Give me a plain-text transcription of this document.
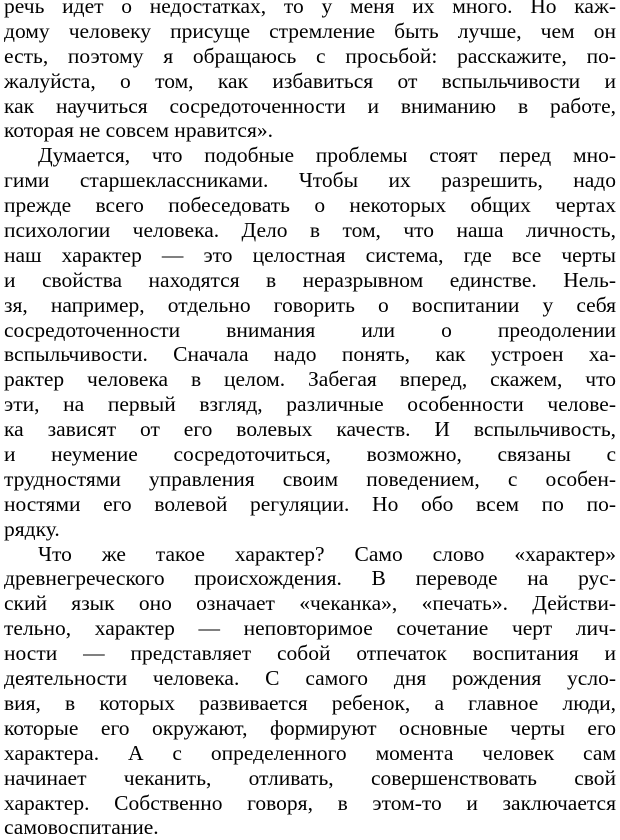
речь идет о недостатках, то у меня их много. Но каж-
дому человеку присуще стремление быть лучше, чем он
есть, поэтому я обращаюсь с просьбой: расскажите, по-
жалуйста, о том, как избавиться от вспыльчивости и
как научиться сосредоточенности и вниманию в работе,
которая не совсем нравится».
Думается, что подобные проблемы стоят перед мно-
гими старшеклассниками. Чтобы их разрешить, надо
прежде всего побеседовать о некоторых общих чертах
психологии человека. Дело в том, что наша личность,
наш характер — это целостная система, где все черты
и свойства находятся в неразрывном единстве. Нель-
зя, например, отдельно говорить о воспитании у себя
сосредоточенности внимания или о преодолении
вспыльчивости. Сначала надо понять, как устроен ха-
рактер человека в целом. Забегая вперед, скажем, что
эти, на первый взгляд, различные особенности челове-
ка зависят от его волевых качеств. И вспыльчивость,
и неумение сосредоточиться, возможно, связаны с
трудностями управления своим поведением, с особен-
ностями его волевой регуляции. Но обо всем по по-
рядку.
Что же такое характер? Само слово «характер»
древнегреческого происхождения. В переводе на рус-
ский язык оно означает «чеканка», «печать». Действи-
тельно, характер — неповторимое сочетание черт лич-
ности — представляет собой отпечаток воспитания и
деятельности человека. С самого дня рождения усло-
вия, в которых развивается ребенок, а главное люди,
которые его окружают, формируют основные черты его
характера. А с определенного момента человек сам
начинает чеканить, отливать, совершенствовать свой
характер. Собственно говоря, в этом-то и заключается
самовоспитание.
